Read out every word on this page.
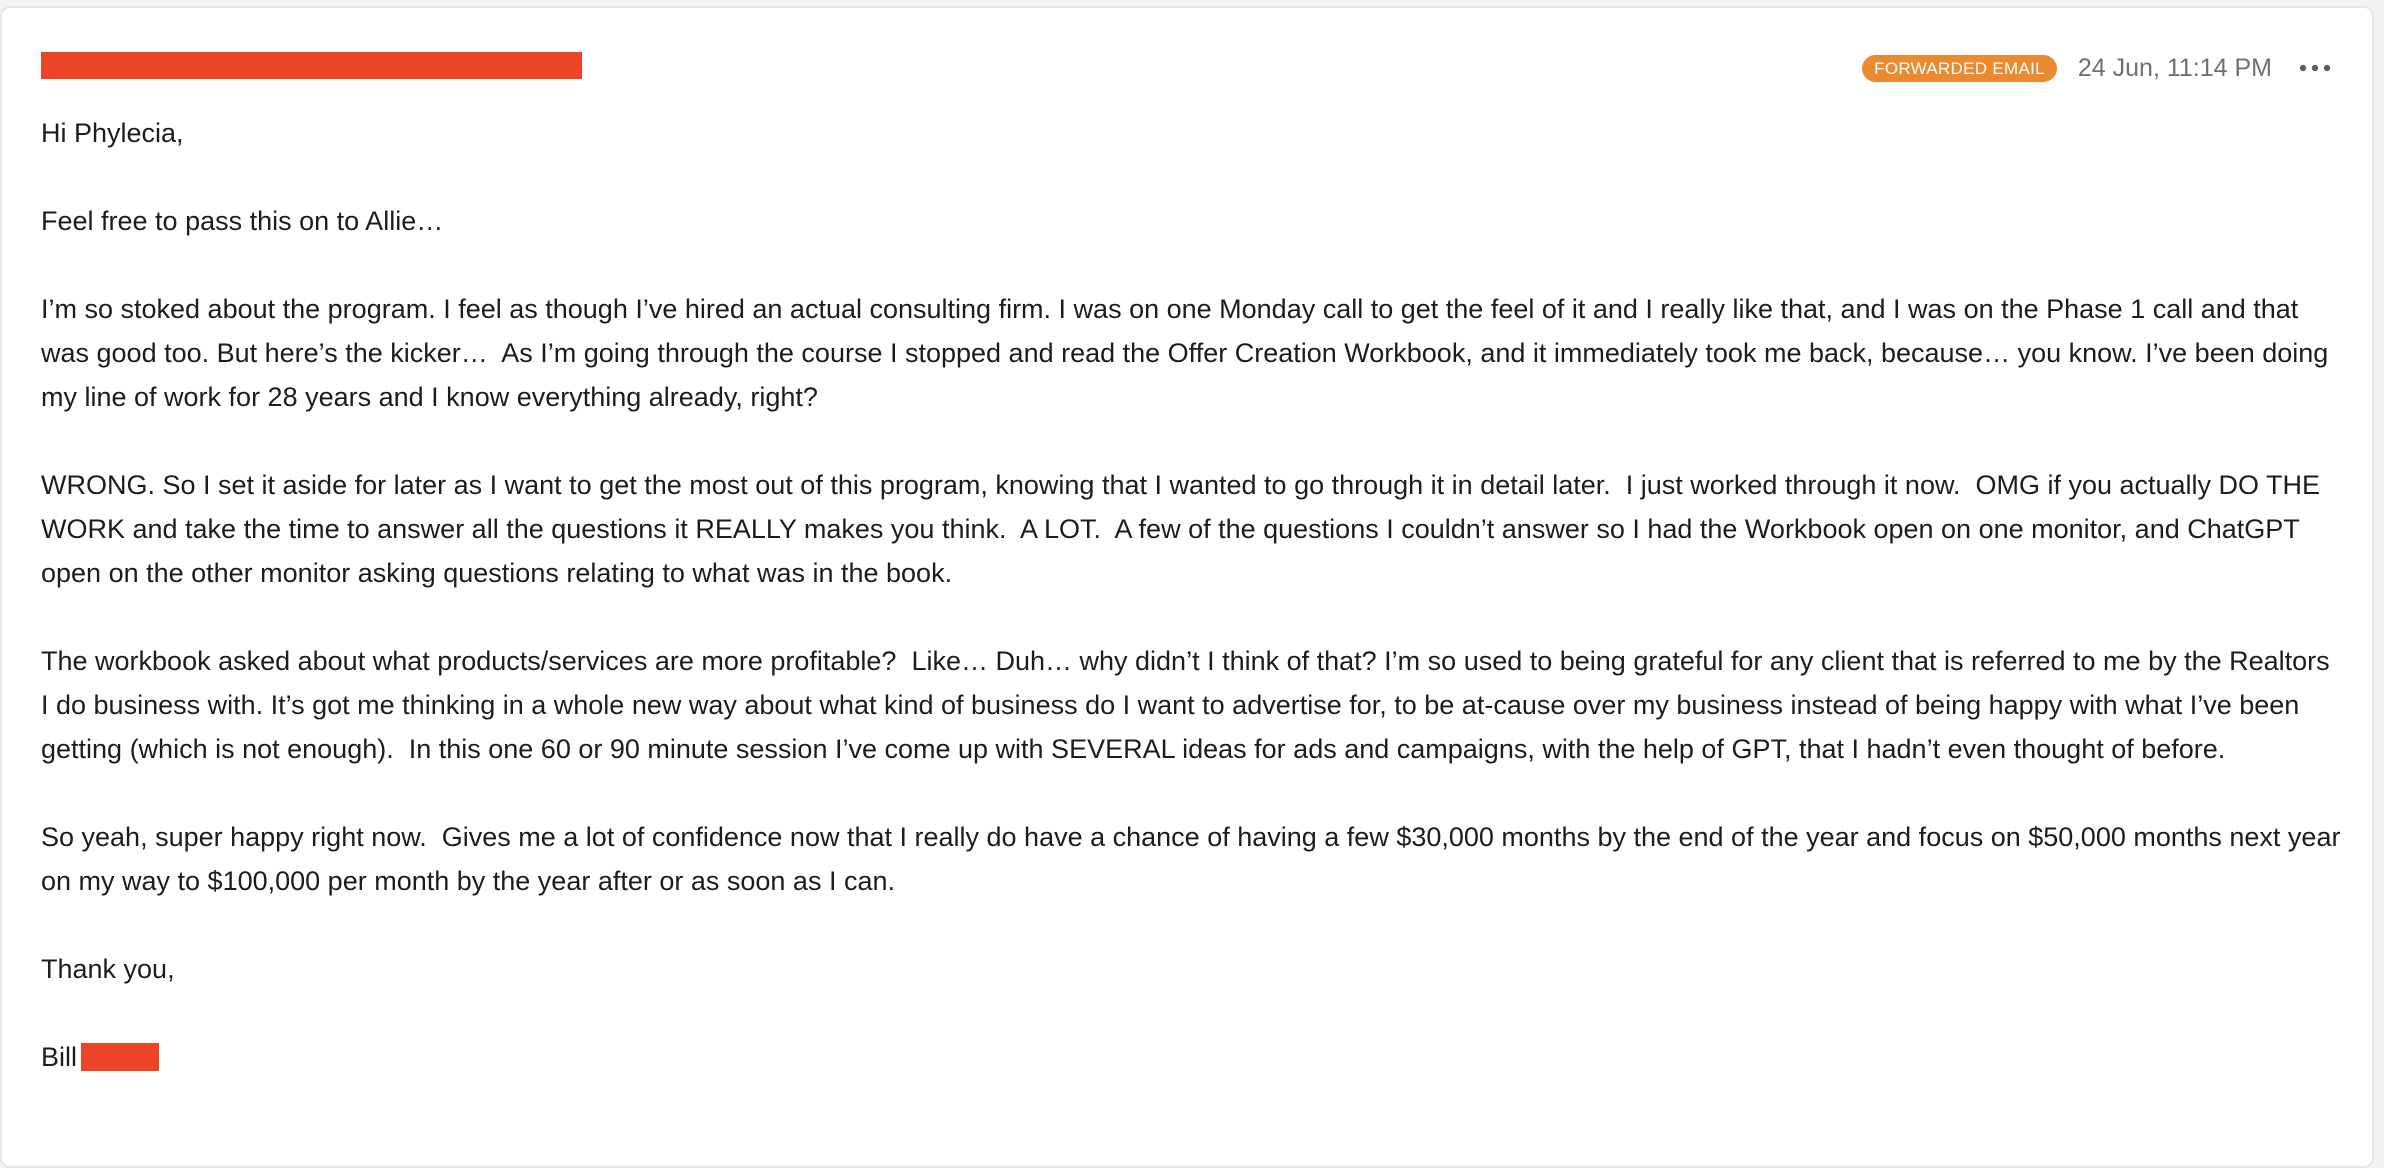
FORWARDED EMAIL	24 Jun, 11:14 PM

Hi Phylecia,

Feel free to pass this on to Allie…

I’m so stoked about the program. I feel as though I’ve hired an actual consulting firm. I was on one Monday call to get the feel of it and I really like that, and I was on the Phase 1 call and that was good too. But here’s the kicker…  As I’m going through the course I stopped and read the Offer Creation Workbook, and it immediately took me back, because… you know. I’ve been doing my line of work for 28 years and I know everything already, right?

WRONG. So I set it aside for later as I want to get the most out of this program, knowing that I wanted to go through it in detail later.  I just worked through it now.  OMG if you actually DO THE WORK and take the time to answer all the questions it REALLY makes you think.  A LOT.  A few of the questions I couldn’t answer so I had the Workbook open on one monitor, and ChatGPT open on the other monitor asking questions relating to what was in the book.

The workbook asked about what products/services are more profitable?  Like… Duh… why didn’t I think of that? I’m so used to being grateful for any client that is referred to me by the Realtors I do business with. It’s got me thinking in a whole new way about what kind of business do I want to advertise for, to be at-cause over my business instead of being happy with what I’ve been getting (which is not enough).  In this one 60 or 90 minute session I’ve come up with SEVERAL ideas for ads and campaigns, with the help of GPT, that I hadn’t even thought of before.

So yeah, super happy right now.  Gives me a lot of confidence now that I really do have a chance of having a few $30,000 months by the end of the year and focus on $50,000 months next year on my way to $100,000 per month by the year after or as soon as I can.

Thank you,

Bill
